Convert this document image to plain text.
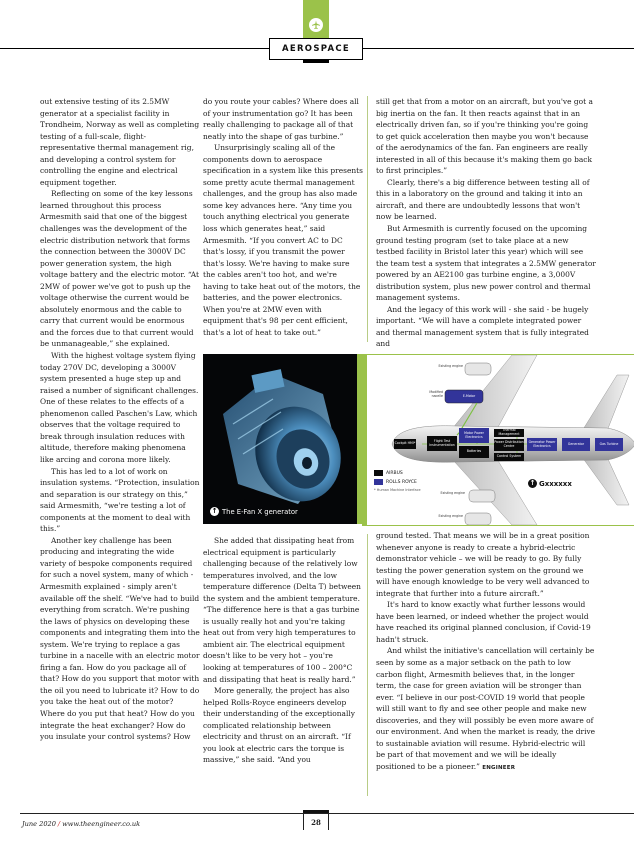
AEROSPACE

out extensive testing of its 2.5MW generator at a specialist facility in Trondheim, Norway as well as completing testing of a full-scale, flight-representative thermal management rig, and developing a control system for controlling the engine and electrical equipment together.

Reflecting on some of the key lessons learned throughout this process Armesmith said that one of the biggest challenges was the development of the electric distribution network that forms the connection between the 3000V DC power generation system, the high voltage battery and the electric motor. “At 2MW of power we've got to push up the voltage otherwise the current would be absolutely enormous and the cable to carry that current would be enormous and the forces due to that current would be unmanageable,” she explained.

With the highest voltage system flying today 270V DC, developing a 3000V system presented a huge step up and raised a number of significant challenges. One of these relates to the effects of a phenomenon called Paschen's Law, which observes that the voltage required to break through insulation reduces with altitude, therefore making phenomena like arcing and corona more likely.

This has led to a lot of work on insulation systems. “Protection, insulation and separation is our strategy on this,” said Armesmith, “we're testing a lot of components at the moment to deal with this.”

Another key challenge has been producing and integrating the wide variety of bespoke components required for such a novel system, many of which - Armesmith explained - simply aren't available off the shelf. “We've had to build everything from scratch. We're pushing the laws of physics on developing these components and integrating them into the system. We're trying to replace a gas turbine in a nacelle with an electric motor firing a fan. How do you package all of that? How do you support that motor with the oil you need to lubricate it? How to do you take the heat out of the motor? Where do you put that heat? How do you integrate the heat exchanger? How do you insulate your control systems? How

do you route your cables? Where does all of your instrumentation go? It has been really challenging to package all of that neatly into the shape of gas turbine.”

Unsurprisingly scaling all of the components down to aerospace specification in a system like this presents some pretty acute thermal management challenges, and the group has also made some key advances here. “Any time you touch anything electrical you generate loss which generates heat,” said Armesmith. “If you convert AC to DC that's lossy, if you transmit the power that's lossy. We're having to make sure the cables aren't too hot, and we're having to take heat out of the motors, the batteries, and the power electronics. When you're at 2MW even with equipment that's 98 per cent efficient, that's a lot of heat to take out.”

still get that from a motor on an aircraft, but you've got a big inertia on the fan. It then reacts against that in an electrically driven fan, so if you're thinking you're going to get quick acceleration then maybe you won't because of the aerodynamics of the fan. Fan engineers are really interested in all of this because it's making them go back to first principles.”

Clearly, there's a big difference between testing all of this in a laboratory on the ground and taking it into an aircraft, and there are undoubtedly lessons that won't now be learned.

But Armesmith is currently focused on the upcoming ground testing program (set to take place at a new testbed facility in Bristol later this year) which will see the team test a system that integrates a 2.5MW generator powered by an AE2100 gas turbine engine, a 3,000V distribution system, plus new power control and thermal management systems.

And the legacy of this work will - she said - be hugely important. “We will have a complete integrated power and thermal management system that is fully integrated and

↑ The E-Fan X generator
Cockpit HMI*
Flight Test Instrumentation
Motor Power Electronics
Batteries
Thermal Management
Power Distribution Centre
Control System
Generator Power Electronics	Generator	Gas Turbine
E-Motor
Existing engine
Modified nacelle
Existing engine
Existing engine
AIRBUS
ROLLS ROYCE
* Human Machine Interface
↑ Gxxxxxx

She added that dissipating heat from electrical equipment is particularly challenging because of the relatively low temperatures involved, and the low temperature difference (Delta T) between the system and the ambient temperature. “The difference here is that a gas turbine is usually really hot and you're taking heat out from very high temperatures to ambient air. The electrical equipment doesn't like to be very hot – you're looking at temperatures of 100 – 200°C and dissipating that heat is really hard.”

More generally, the project has also helped Rolls-Royce engineers develop their understanding of the exceptionally complicated relationship between electricity and thrust on an aircraft. “If you look at electric cars the torque is massive,” she said. “And you

ground tested. That means we will be in a great position whenever anyone is ready to create a hybrid-electric demonstrator vehicle – we will be ready to go. By fully testing the power generation system on the ground we will have enough knowledge to be very well advanced to integrate that further into a future aircraft.”

It's hard to know exactly what further lessons would have been learned, or indeed whether the project would have reached its original planned conclusion, if Covid-19 hadn't struck.

And whilst the initiative's cancellation will certainly be seen by some as a major setback on the path to low carbon flight, Armesmith believes that, in the longer term, the case for green aviation will be stronger than ever. “I believe in our post-COVID 19 world that people will still want to fly and see other people and make new discoveries, and they will possibly be even more aware of our environment. And when the market is ready, the drive to sustainable aviation will resume. Hybrid-electric will be part of that movement and we will be ideally positioned to be a pioneer.” ENGINEER

June 2020 / www.theengineer.co.uk	28
